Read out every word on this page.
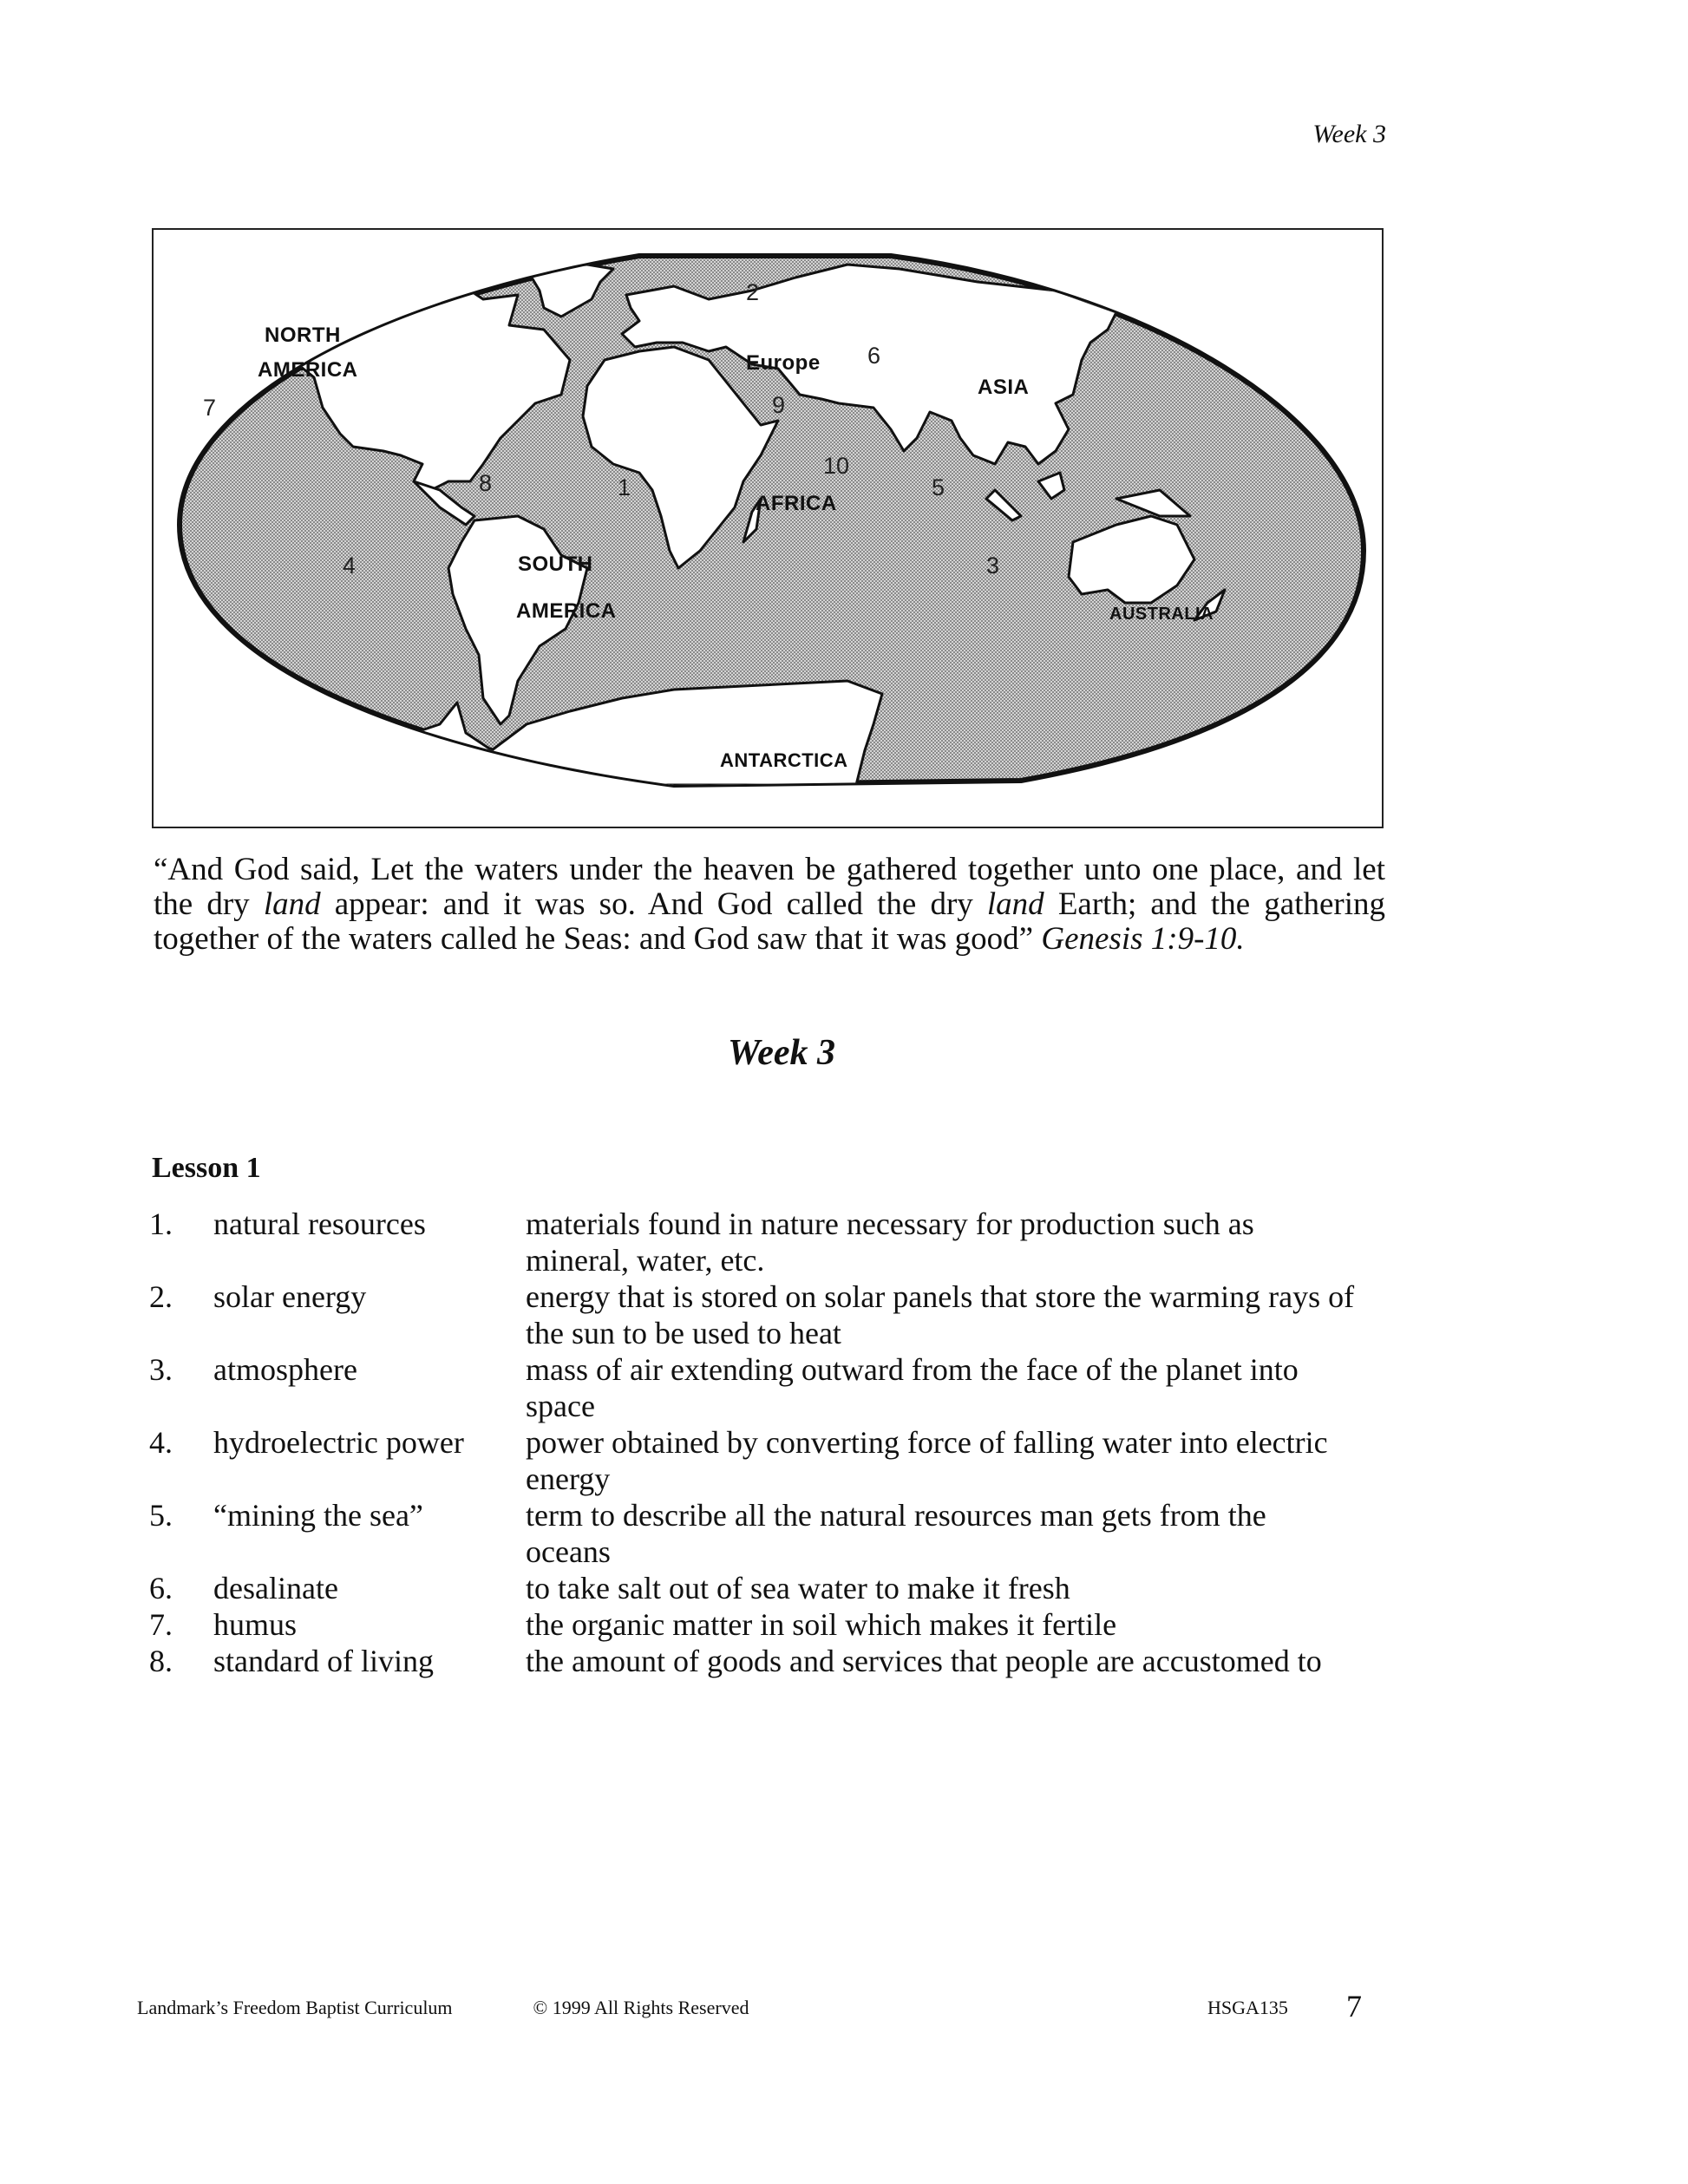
Week 3
NORTH
AMERICA
SOUTH
AMERICA
Europe
ASIA
AFRICA
AUSTRALIA
ANTARCTICA
1
2
3
4
5
6
7
8
9
10
“And God said, Let the waters under the heaven be gathered together unto one place, and let the dry land appear: and it was so. And God called the dry land Earth; and the gathering together of the waters called he Seas: and God saw that it was good” Genesis 1:9-10.
Week 3
Lesson 1
1.	natural resources	materials found in nature necessary for production such as mineral, water, etc.
2.	solar energy	energy that is stored on solar panels that store the warming rays of the sun to be used to heat
3.	atmosphere	mass of air extending outward from the face of the planet into space
4.	hydroelectric power	power obtained by converting force of falling water into electric energy
5.	“mining the sea”	term to describe all the natural resources man gets from the oceans
6.	desalinate	to take salt out of sea water to make it fresh
7.	humus	the organic matter in soil which makes it fertile
8.	standard of living	the amount of goods and services that people are accustomed to
Landmark’s Freedom Baptist Curriculum	© 1999 All Rights Reserved	HSGA135 7
